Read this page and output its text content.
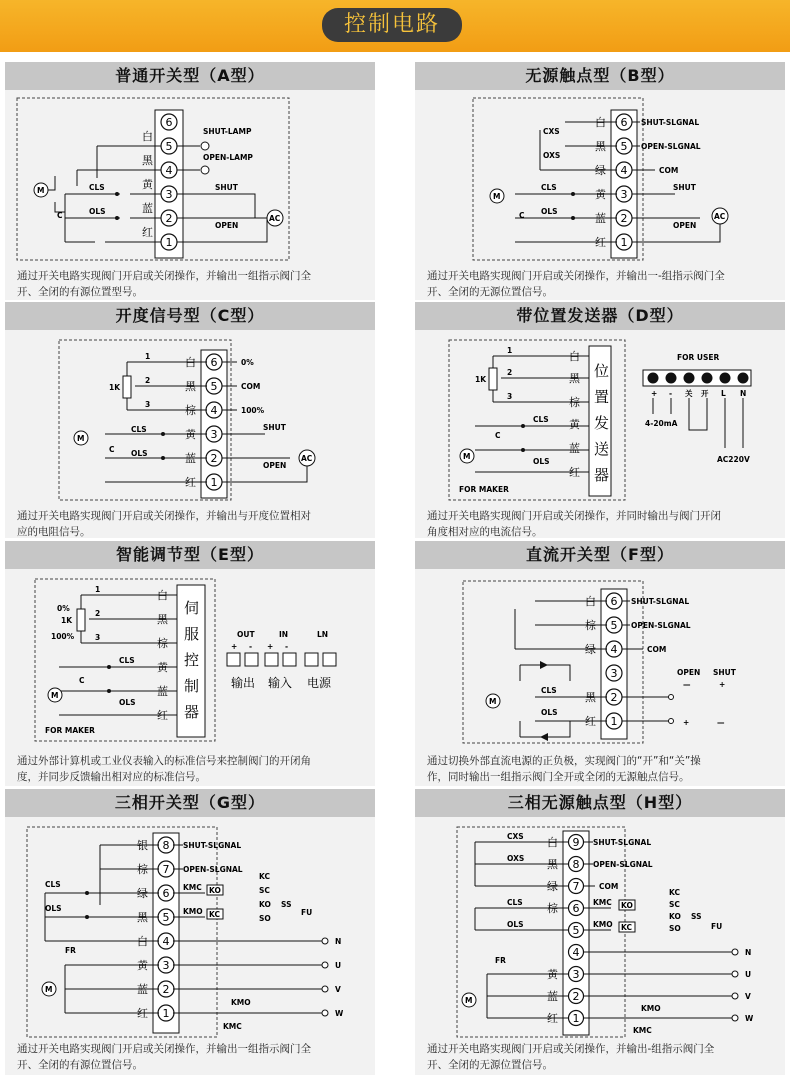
控制电路
普通开关型（A型）
6
5
4
3
2
1
白
黑
黄
蓝
红
M
C
CLS
OLS
SHUT-LAMP
OPEN-LAMP
SHUT
OPEN
AC
通过开关电路实现阀门开启或关闭操作，并输出一组指示阀门全
开、全闭的有源位置型号。
无源触点型（B型）
6
5
4
3
2
1
白
黑
绿
黄
蓝
红
CXS
OXS
M
C
CLS
OLS
SHUT-SLGNAL
OPEN-SLGNAL
COM
SHUT
OPEN
AC
通过开关电路实现阀门开启或关闭操作，并输出一-组指示阀门全
开、全闭的无源位置信号。
开度信号型（C型）
6
5
4
3
2
1
白
黑
棕
黄
蓝
红
1
2
3
1K
M
C
CLS
OLS
0%
COM
100%
SHUT
OPEN
AC
通过开关电路实现阀门开启或关闭操作，并输出与开度位置相对
应的电阻信号。
带位置发送器（D型）
位
置
发
送
器
白
黑
棕
黄
蓝
红
1
2
3
1K
M
C
CLS
OLS
FOR MAKER
FOR USER
+ - 关 开 L N
4-20mA
AC220V
通过开关电路实现阀门开启或关闭操作，并同时输出与阀门开闭
角度相对应的电流信号。
智能调节型（E型）
伺
服
控
制
器
白
黑
棕
黄
蓝
红
1
2
3
0%
1K
100%
M
C
CLS
OLS
FOR MAKER
OUT	IN	LN
+ - + -
输出 输入 电源
通过外部计算机或工业仪表输入的标准信号来控制阀门的开闭角
度，并同步反馈输出相对应的标准信号。
直流开关型（F型）
6
5
4
3
2
1
白
棕
绿
黑
红
M
CLS
OLS
SHUT-SLGNAL
OPEN-SLGNAL
COM
OPEN SHUT
—	+
+	—
通过切换外部直流电源的正负极，实现阀门的“开”和“关”操
作，同时输出一组指示阀门全开或全闭的无源触点信号。
三相开关型（G型）
8
7
6
5
4
3
2
1
银
棕
绿
黑
白
黄
蓝
红
CLS
OLS
FR
M
SHUT-SLGNAL
OPEN-SLGNAL
KMC
KMO
KO
KC
KC
SC
KO
SO
SS
FU
N
U
V
W
KMO
KMC
通过开关电路实现阀门开启或关闭操作，并输出一组指示阀门全
开、全闭的有源位置信号。
三相无源触点型（H型）
9
8
7
6
5
4
3
2
1
白
黑
绿
棕
黄
蓝
红
CXS
OXS
CLS
OLS
FR
M
SHUT-SLGNAL
OPEN-SLGNAL
COM
KMC
KMO
KO
KC
KC
SC
KO
SO
SS
FU
N
U
V
W
KMO
KMC
通过开关电路实现阀门开启或关闭操作，并输出-组指示阀门全
开、全闭的无源位置信号。
